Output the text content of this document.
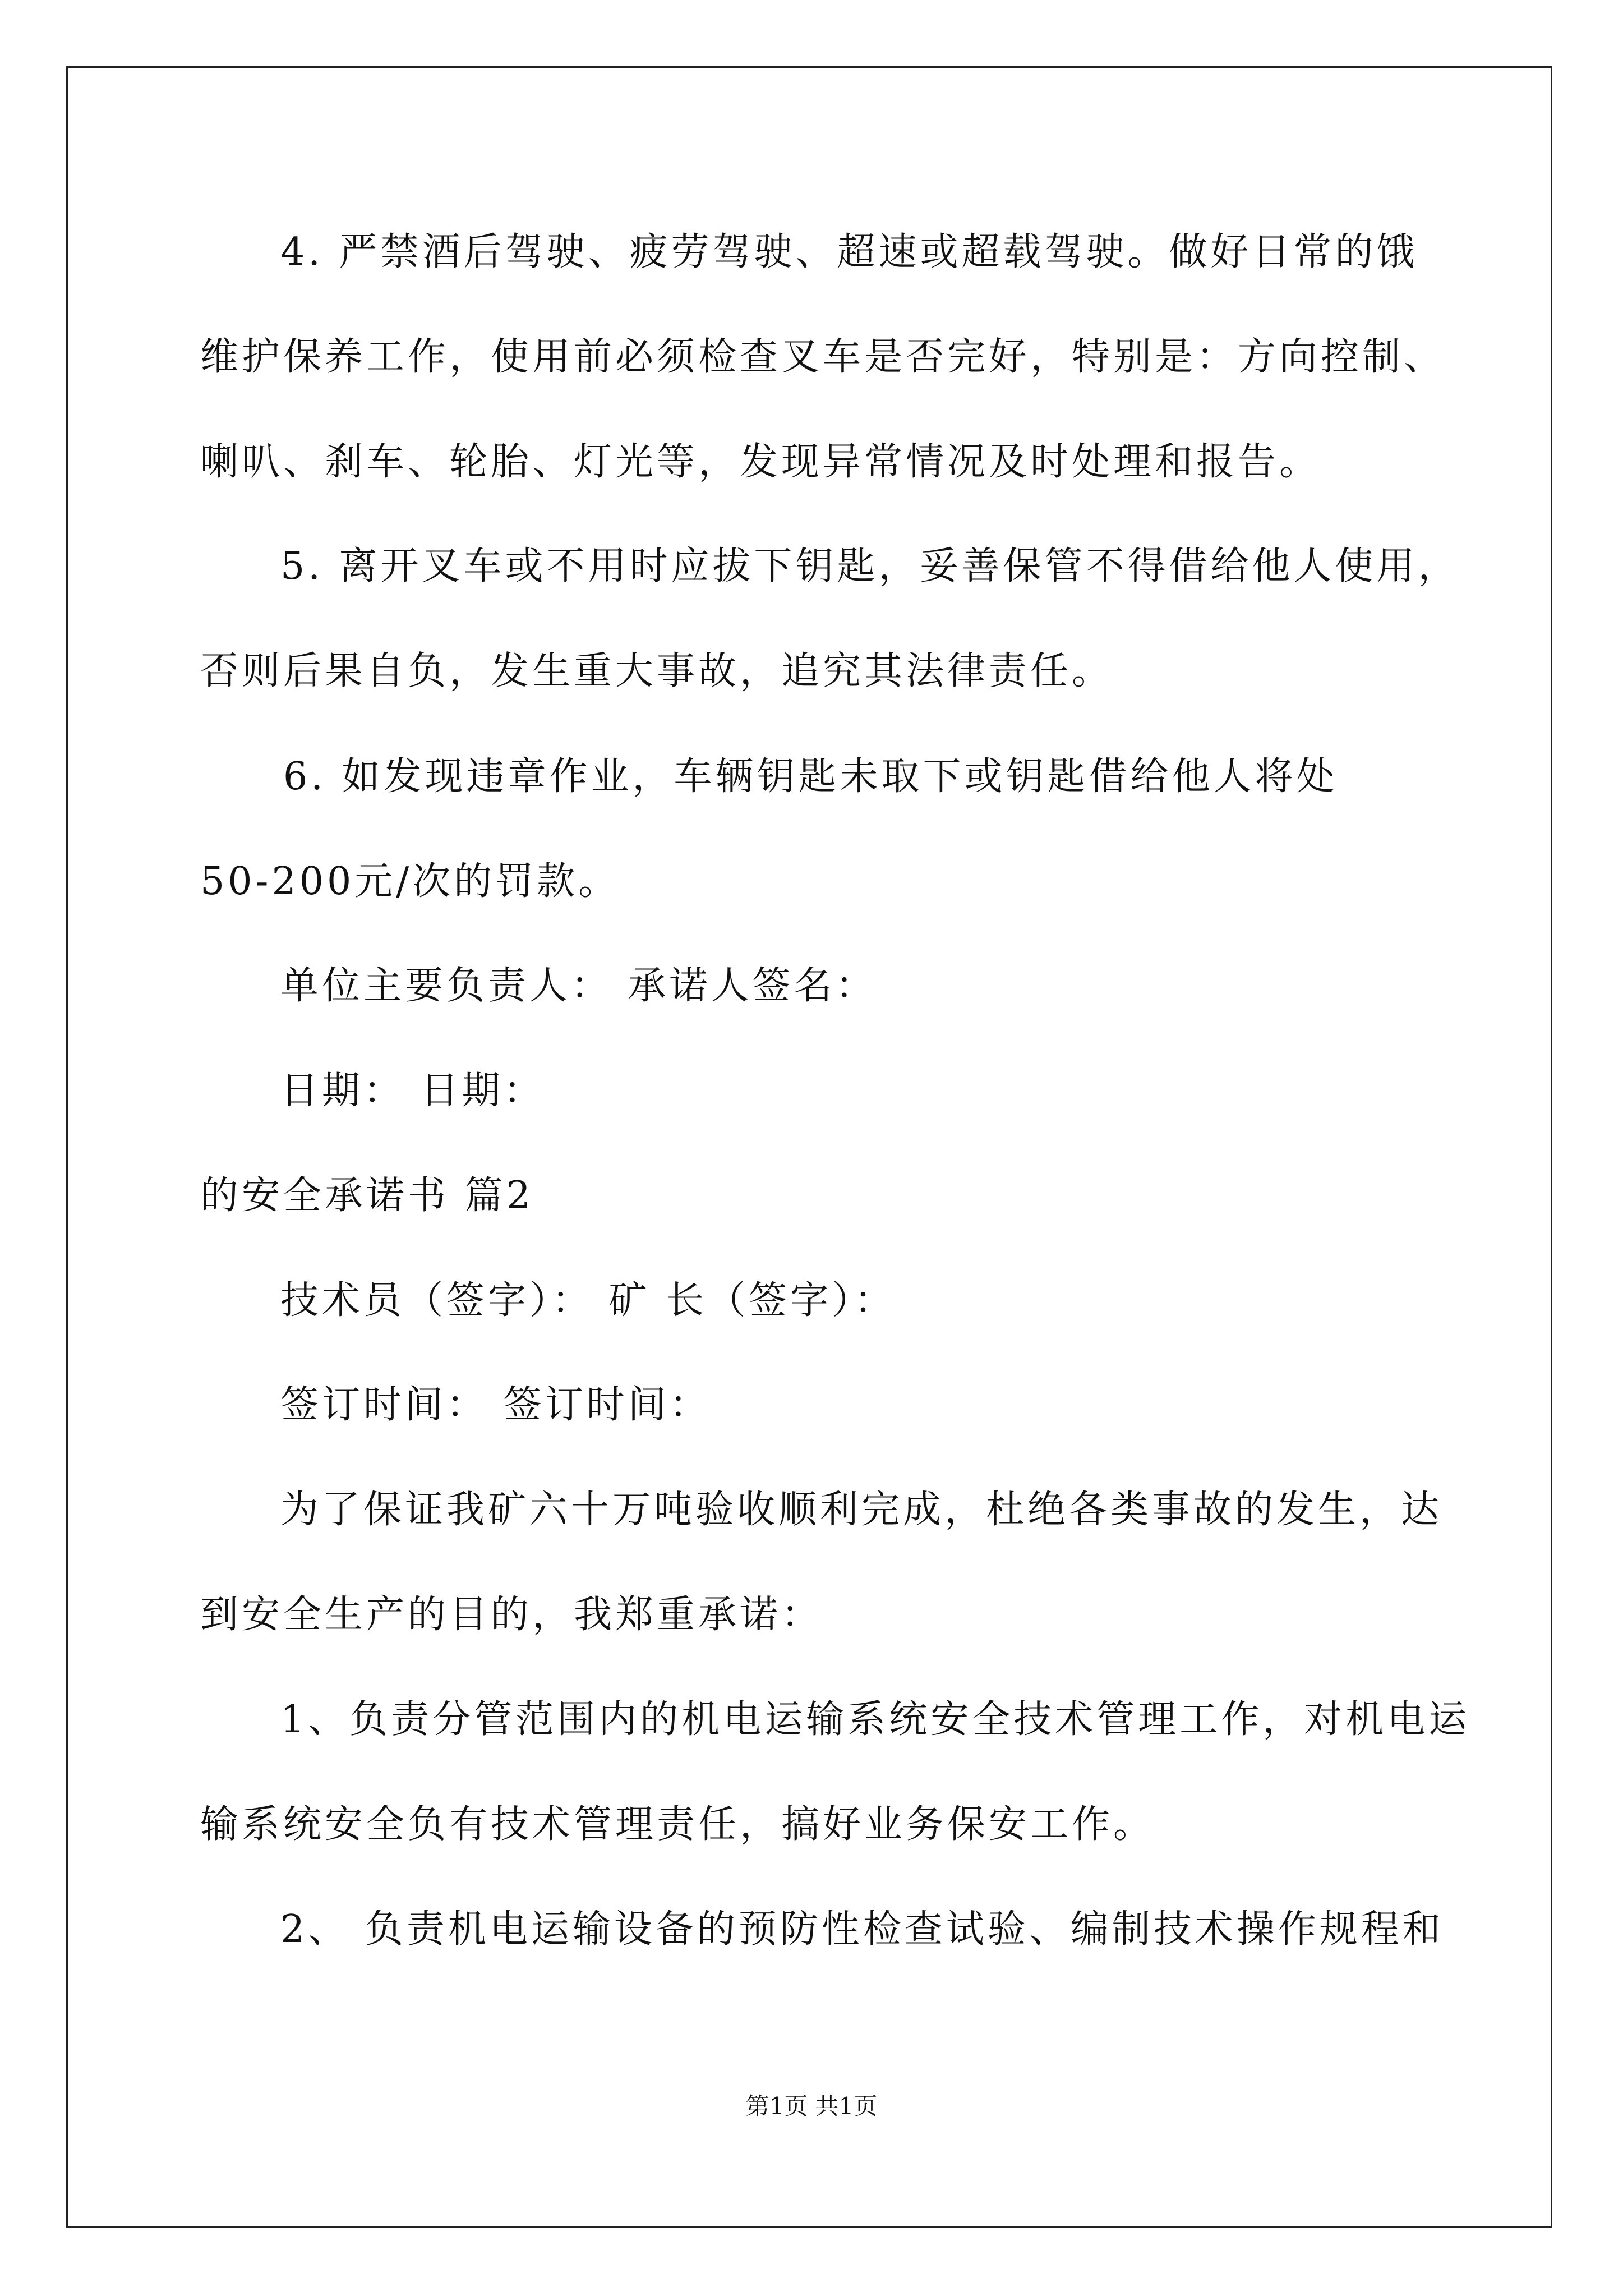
4. 严禁酒后驾驶、疲劳驾驶、超速或超载驾驶。做好日常的饿
维护保养工作，使用前必须检查叉车是否完好，特别是：方向控制、
喇叭、刹车、轮胎、灯光等，发现异常情况及时处理和报告。
5. 离开叉车或不用时应拔下钥匙，妥善保管不得借给他人使用，
否则后果自负，发生重大事故，追究其法律责任。
6. 如发现违章作业，车辆钥匙未取下或钥匙借给他人将处
50-200元/次的罚款。
单位主要负责人： 承诺人签名：
日期： 日期：
的安全承诺书 篇2
技术员（签字）： 矿 长（签字）：
签订时间： 签订时间：
为了保证我矿六十万吨验收顺利完成，杜绝各类事故的发生，达
到安全生产的目的，我郑重承诺：
1、负责分管范围内的机电运输系统安全技术管理工作，对机电运
输系统安全负有技术管理责任，搞好业务保安工作。
2、 负责机电运输设备的预防性检查试验、编制技术操作规程和
第1页 共1页
